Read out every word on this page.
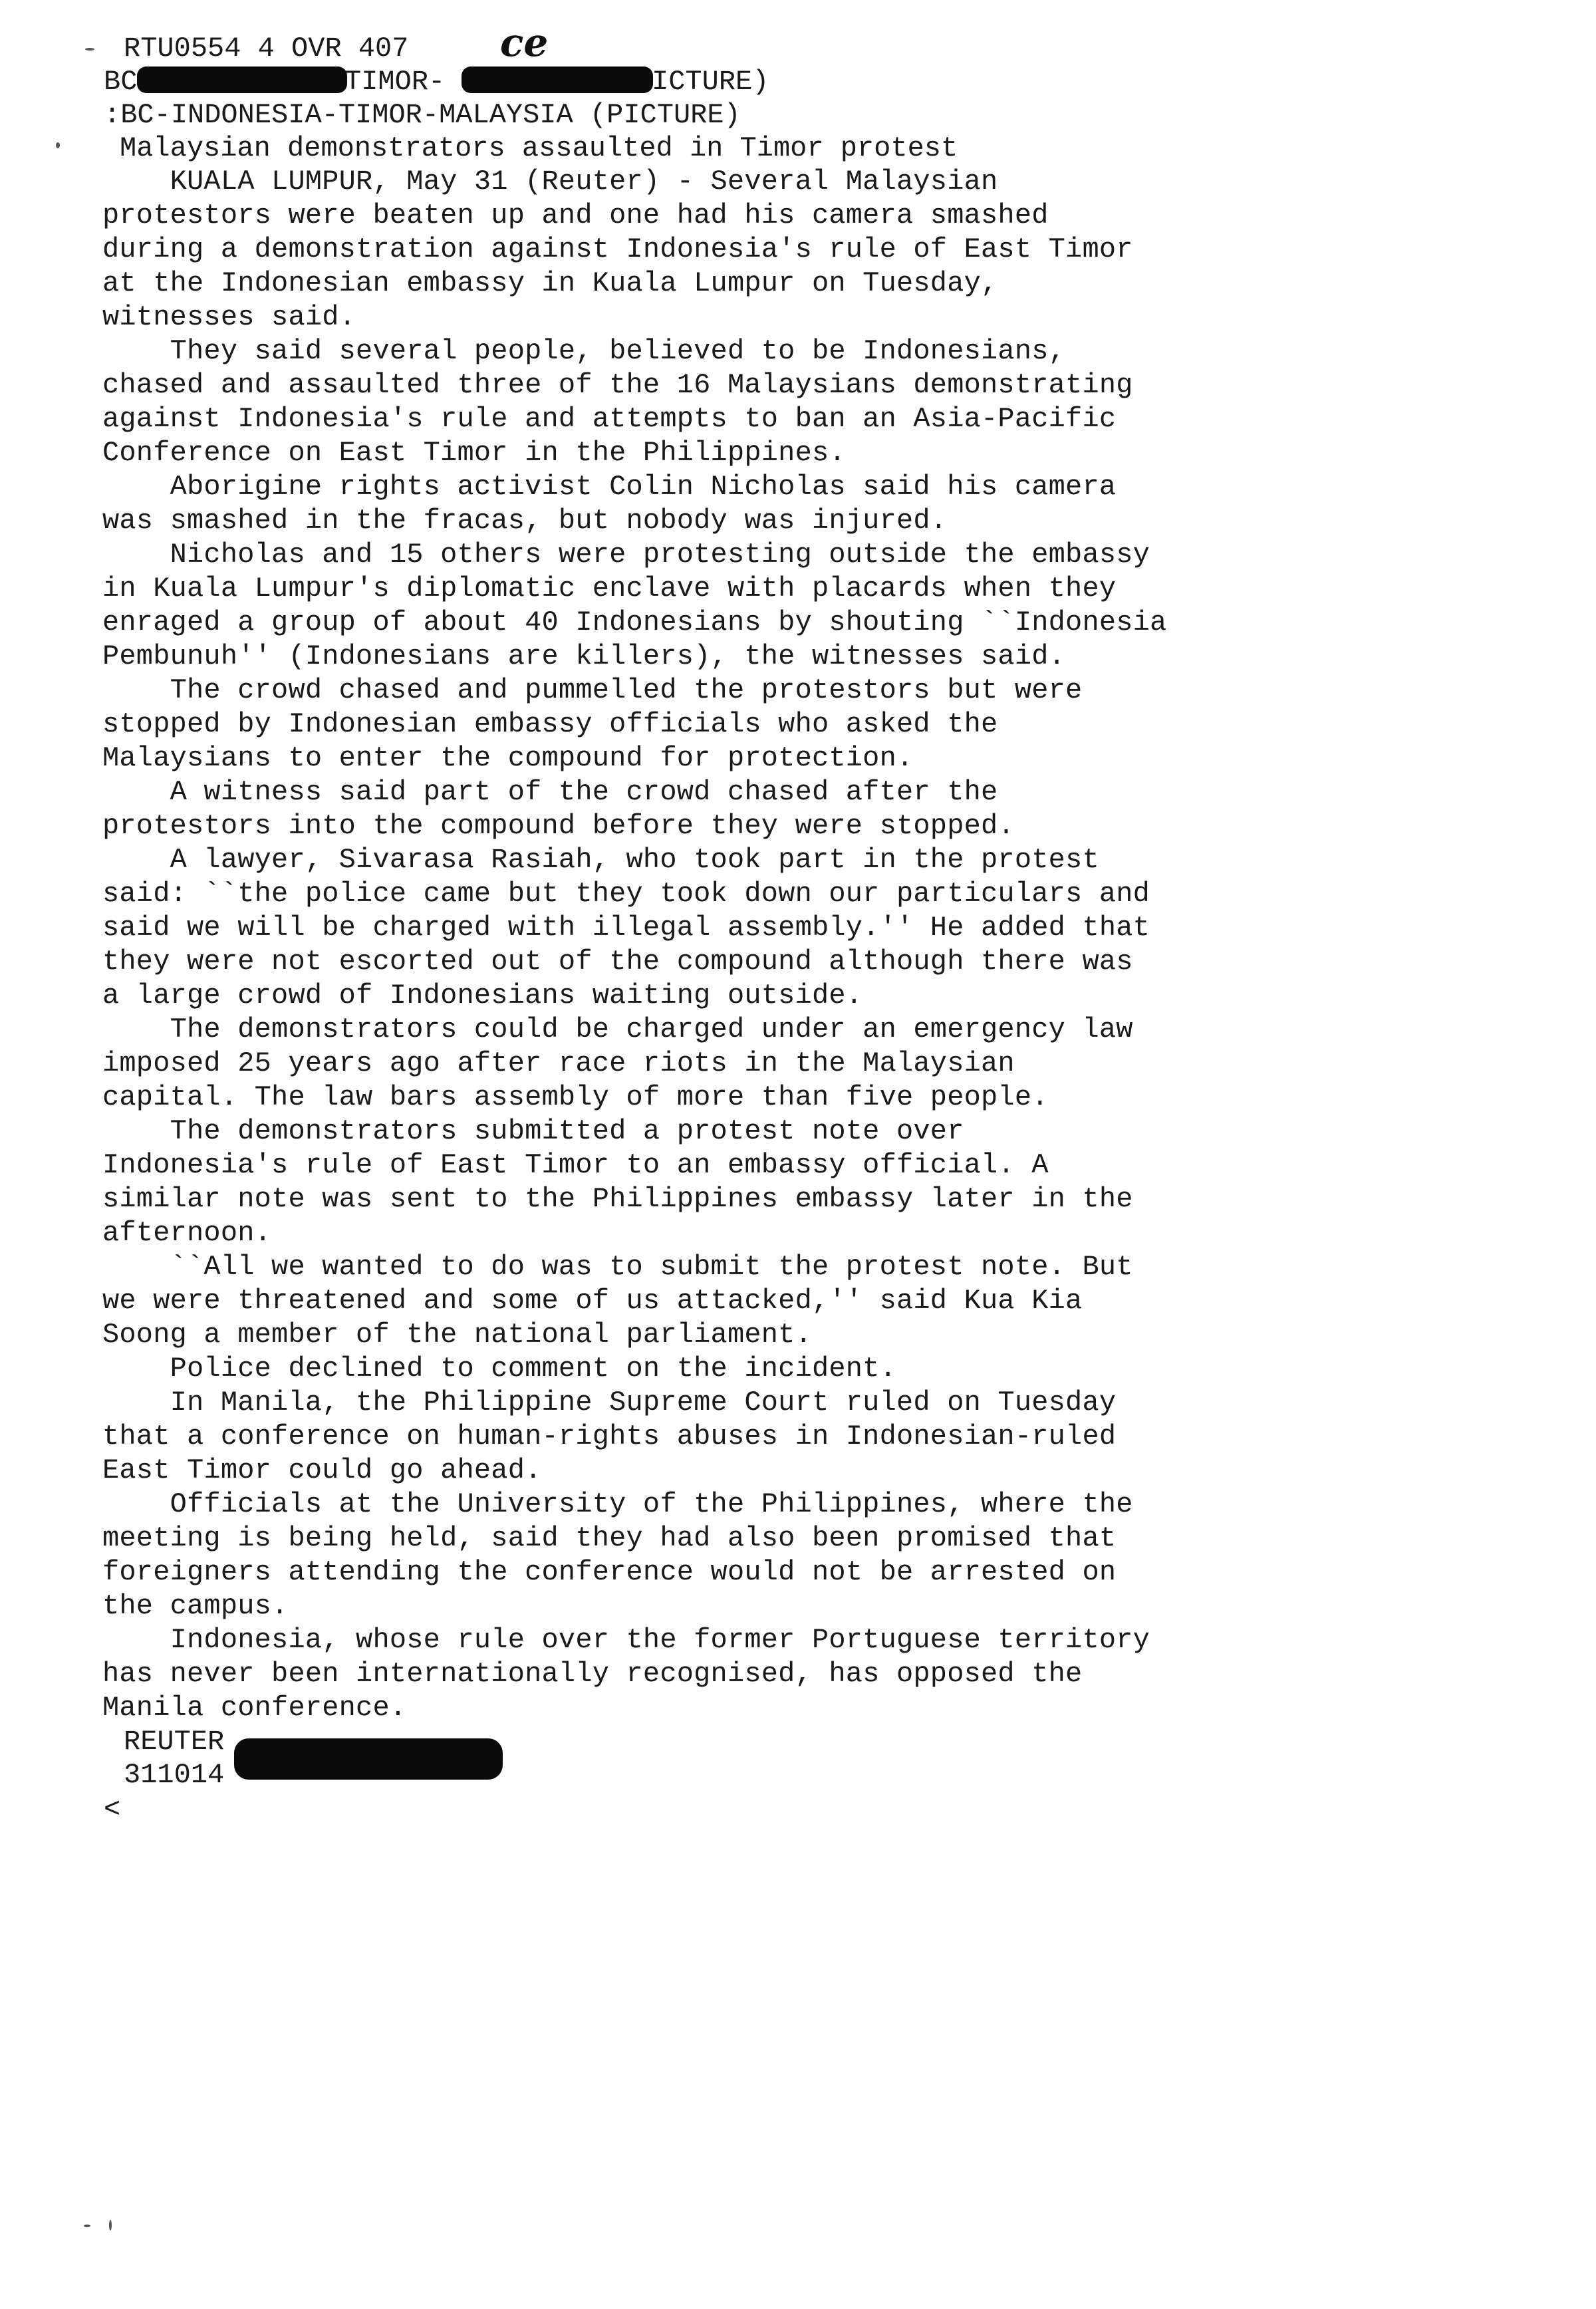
RTU0554 4 OVR 407 ce
BC	TIMOR-	ICTURE)
:BC-INDONESIA-TIMOR-MALAYSIA (PICTURE)
Malaysian demonstrators assaulted in Timor protest
KUALA LUMPUR, May 31 (Reuter) - Several Malaysian
protestors were beaten up and one had his camera smashed
during a demonstration against Indonesia's rule of East Timor
at the Indonesian embassy in Kuala Lumpur on Tuesday,
witnesses said.
They said several people, believed to be Indonesians,
chased and assaulted three of the 16 Malaysians demonstrating
against Indonesia's rule and attempts to ban an Asia-Pacific
Conference on East Timor in the Philippines.
Aborigine rights activist Colin Nicholas said his camera
was smashed in the fracas, but nobody was injured.
Nicholas and 15 others were protesting outside the embassy
in Kuala Lumpur's diplomatic enclave with placards when they
enraged a group of about 40 Indonesians by shouting ``Indonesia
Pembunuh'' (Indonesians are killers), the witnesses said.
The crowd chased and pummelled the protestors but were
stopped by Indonesian embassy officials who asked the
Malaysians to enter the compound for protection.
A witness said part of the crowd chased after the
protestors into the compound before they were stopped.
A lawyer, Sivarasa Rasiah, who took part in the protest
said: ``the police came but they took down our particulars and
said we will be charged with illegal assembly.'' He added that
they were not escorted out of the compound although there was
a large crowd of Indonesians waiting outside.
The demonstrators could be charged under an emergency law
imposed 25 years ago after race riots in the Malaysian
capital. The law bars assembly of more than five people.
The demonstrators submitted a protest note over
Indonesia's rule of East Timor to an embassy official. A
similar note was sent to the Philippines embassy later in the
afternoon.
``All we wanted to do was to submit the protest note. But
we were threatened and some of us attacked,'' said Kua Kia
Soong a member of the national parliament.
Police declined to comment on the incident.
In Manila, the Philippine Supreme Court ruled on Tuesday
that a conference on human-rights abuses in Indonesian-ruled
East Timor could go ahead.
Officials at the University of the Philippines, where the
meeting is being held, said they had also been promised that
foreigners attending the conference would not be arrested on
the campus.
Indonesia, whose rule over the former Portuguese territory
has never been internationally recognised, has opposed the
Manila conference.
REUTER
311014
<
